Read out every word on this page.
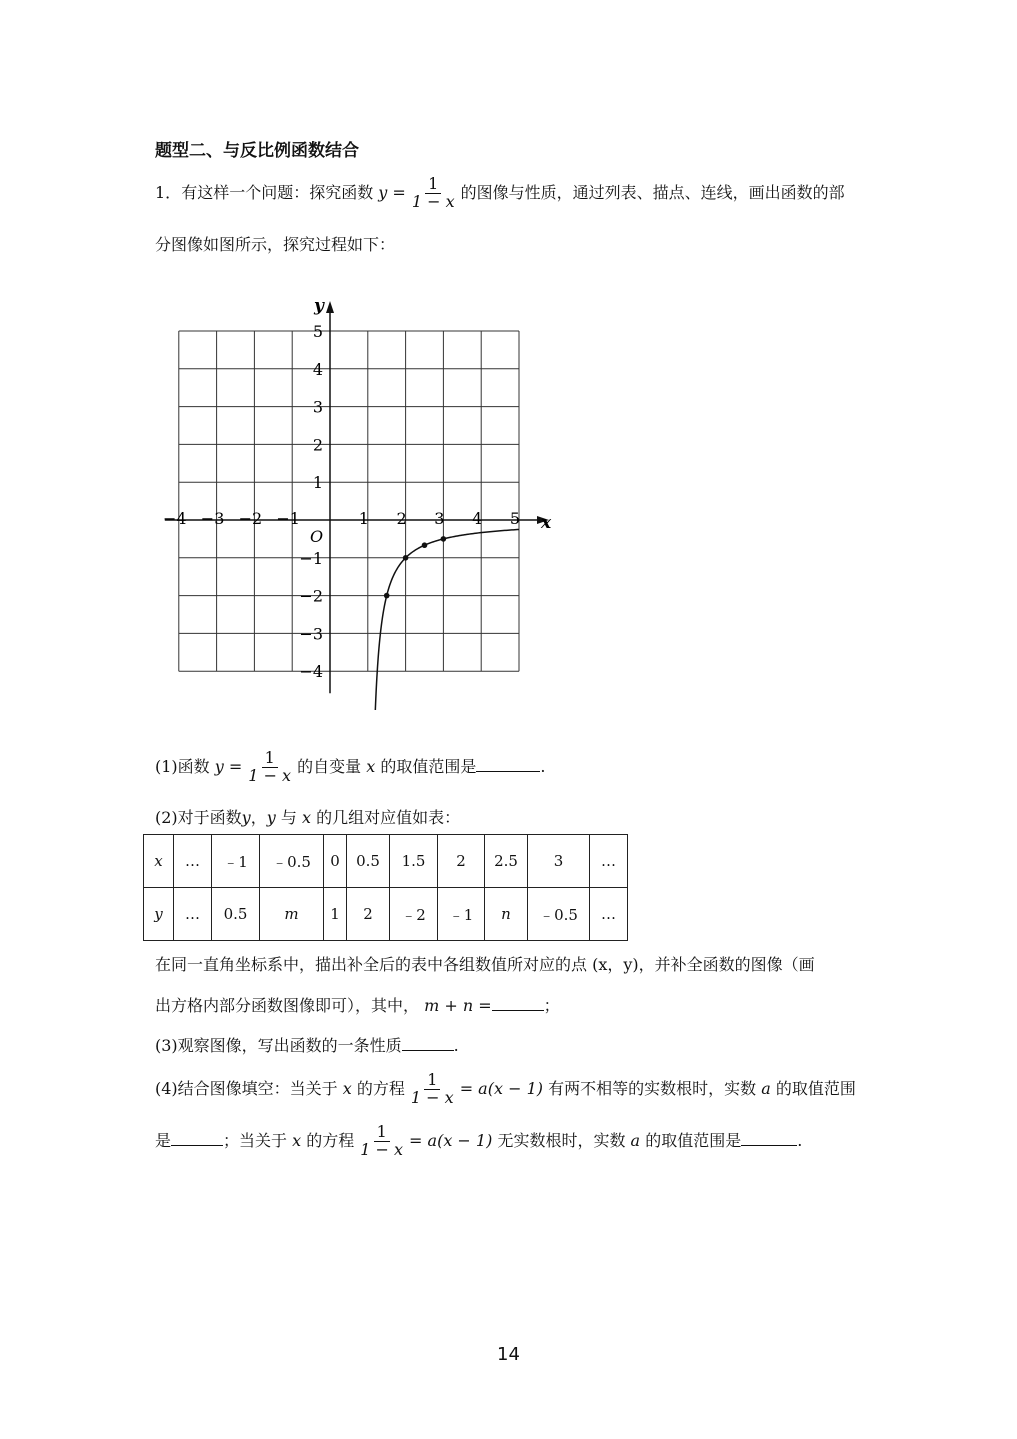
题型二、与反比例函数结合
1．有这样一个问题：探究函数 $y = \frac{1}{1 - x}$ 的图像与性质，通过列表、描点、连线，画出函数的部
分图像如图所示，探究过程如下：
−4 −3 −2 −1	1 2 3 4 5
5
4
3
2
1
−1
−2
−3
−4
x
y
O
(1)函数 $y = \frac{1}{1 - x}$ 的自变量 x 的取值范围是	.
(2)对于函数y，y 与 x 的几组对应值如表：
x	…	﹣1	﹣0.5	0	0.5	1.5	2	2.5	3	…
y	…	0.5	m	1	2	﹣2	﹣1	n	﹣0.5	…
在同一直角坐标系中，描出补全后的表中各组数值所对应的点 (x，y)，并补全函数的图像（画
出方格内部分函数图像即可），其中， m + n =	；
(3)观察图像，写出函数的一条性质	.
(4)结合图像填空：当关于 x 的方程 $\frac{1}{1 - x} = a(x - 1)$ 有两不相等的实数根时，实数 a 的取值范围
是	；当关于 x 的方程 $\frac{1}{1 - x} = a(x - 1)$ 无实数根时，实数 a 的取值范围是	.
14
